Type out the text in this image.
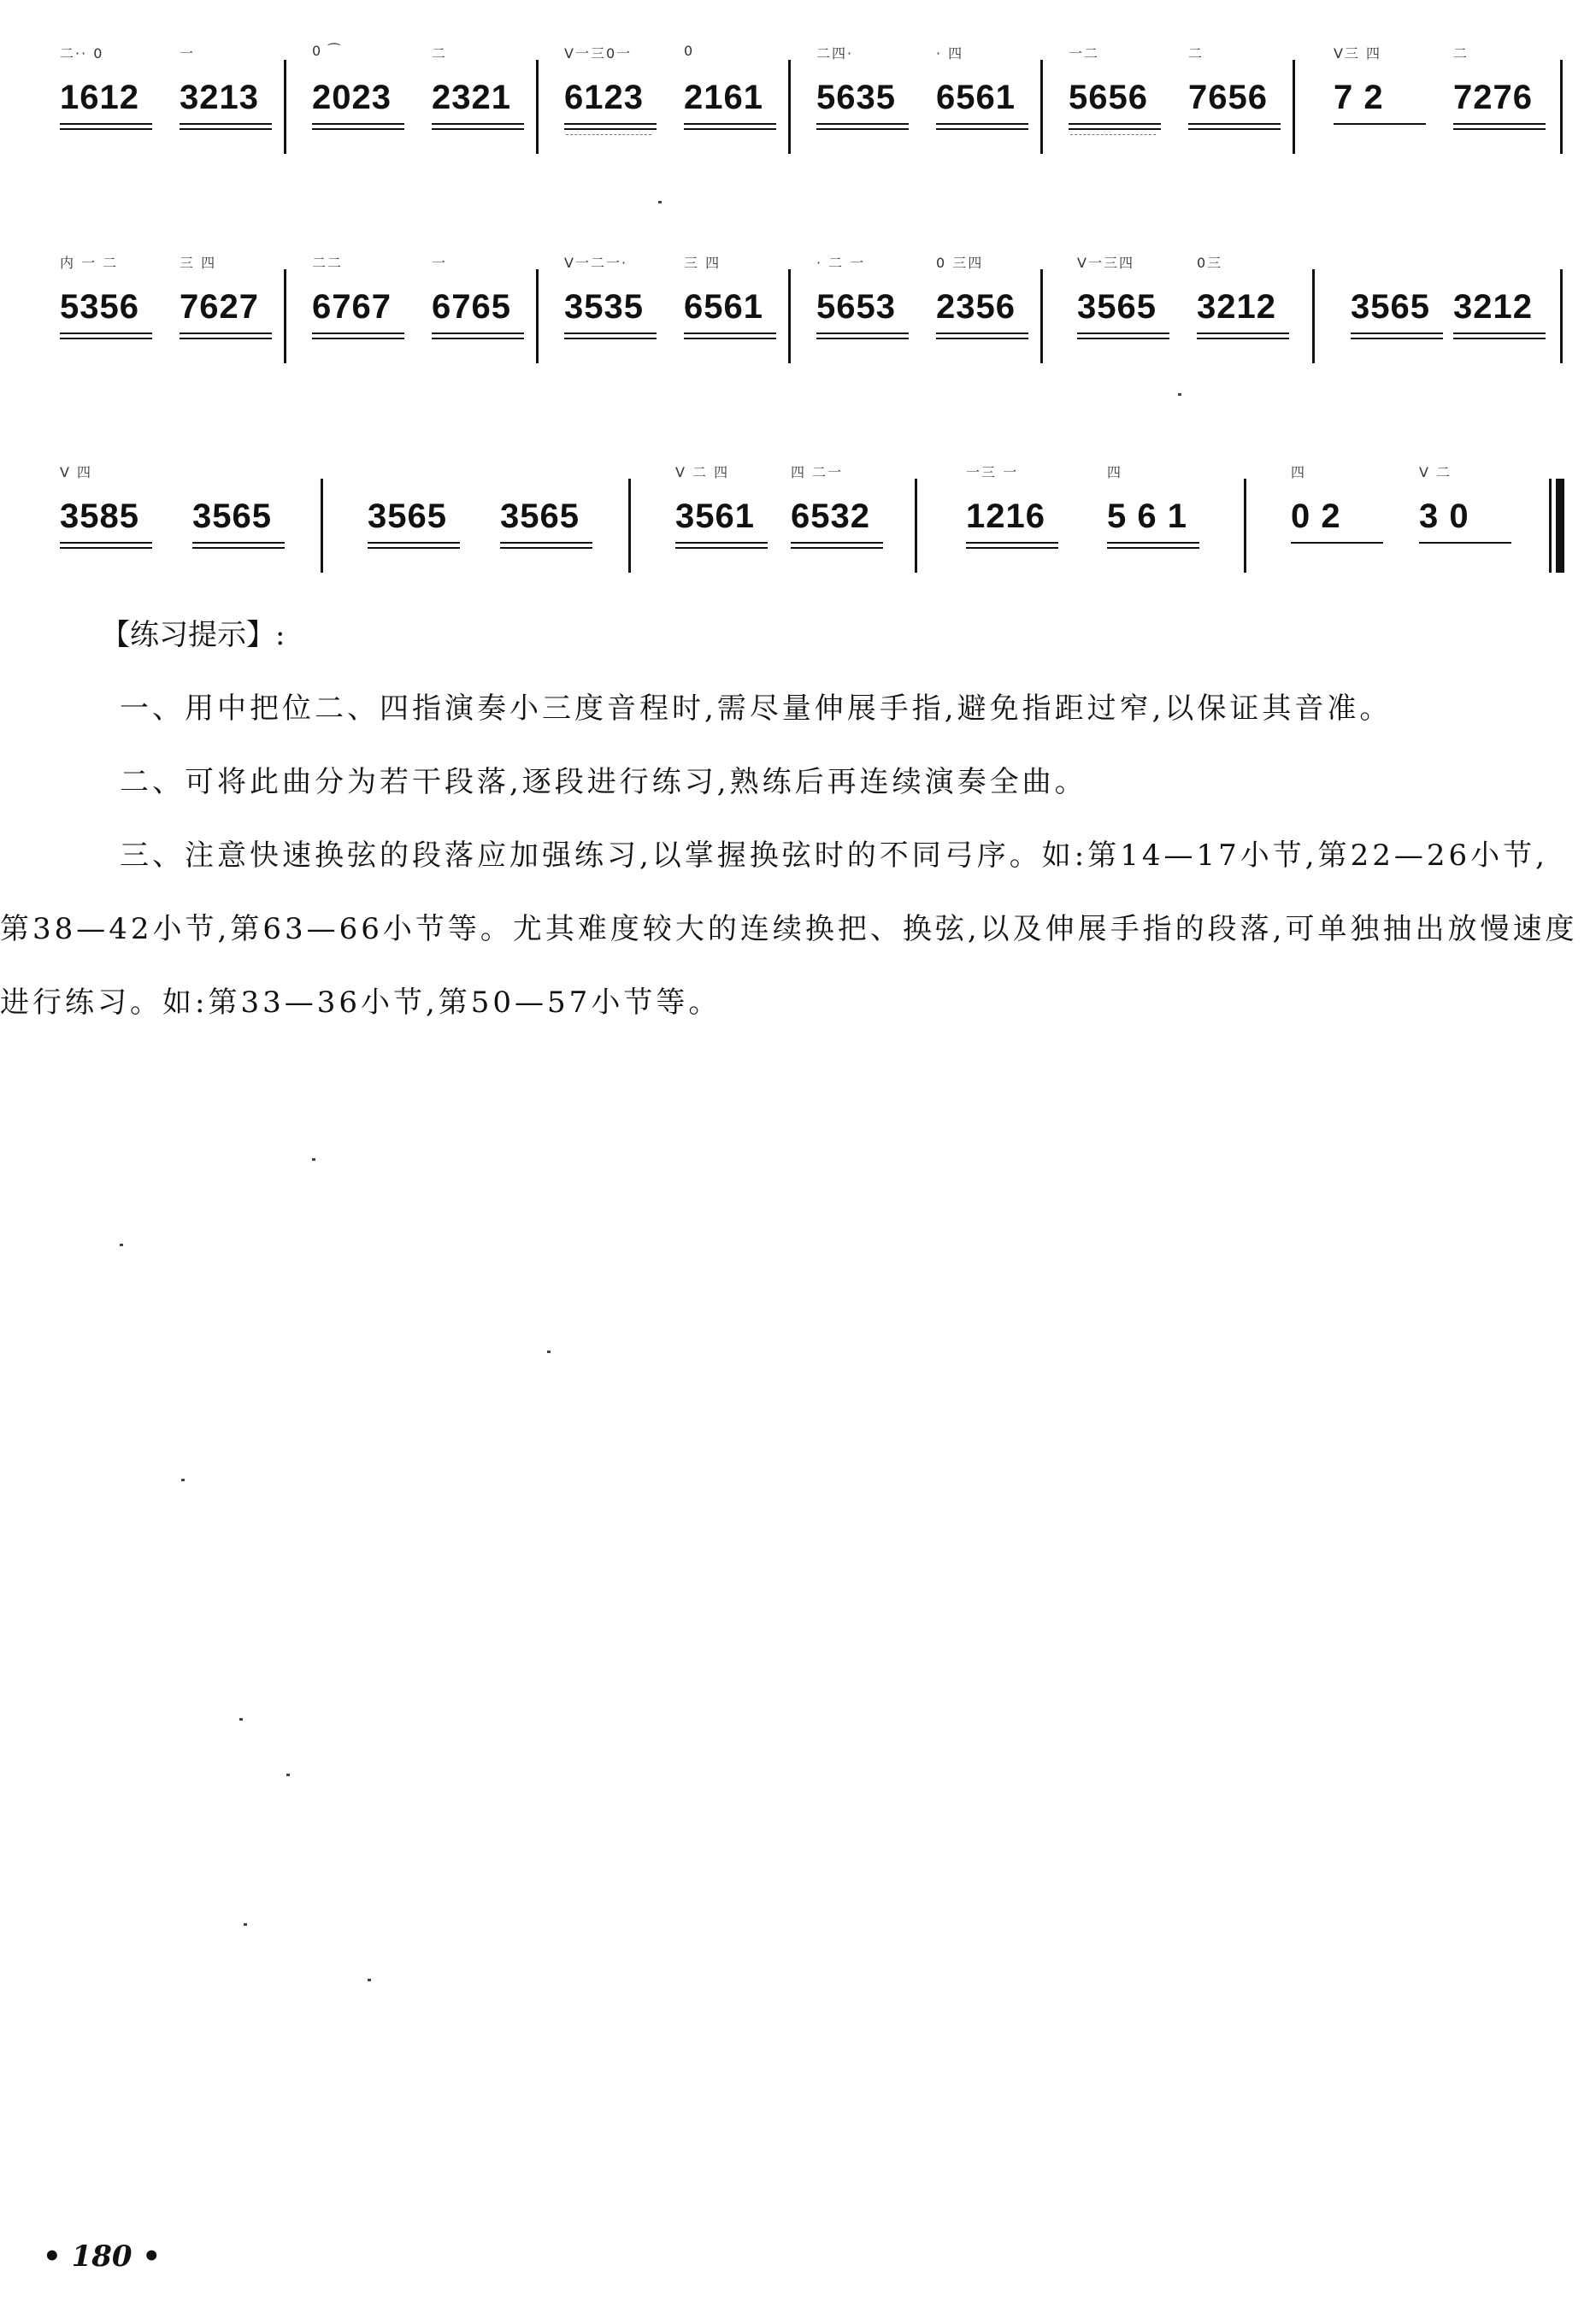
二·· 0
1612
一
3213
0 ⁀
2023
二
2321
V一三0一
6123
0
2161
二四·
5635
· 四
6561
一二
5656
二
7656
V三 四
7 2
二
7276
内 一 二
5356
三 四
7627
二二
6767
一
6765
V一二一·
3535
三 四
6561
· 二 一
5653
0 三四
2356
V一三四
3565
0三
3212	3565 3212
V 四
3585	3565	3565	3565
V 二 四
3561
四 二一
6532
一三 一
1216
四
5 6 1
四
0 2
V 二
3 0

【练习提示】:

一、用中把位二、四指演奏小三度音程时,需尽量伸展手指,避免指距过窄,以保证其音准。

二、可将此曲分为若干段落,逐段进行练习,熟练后再连续演奏全曲。

三、注意快速换弦的段落应加强练习,以掌握换弦时的不同弓序。如:第14—17小节,第22—26小节,第38—42小节,第63—66小节等。尤其难度较大的连续换把、换弦,以及伸展手指的段落,可单独抽出放慢速度进行练习。如:第33—36小节,第50—57小节等。

• 180 •
